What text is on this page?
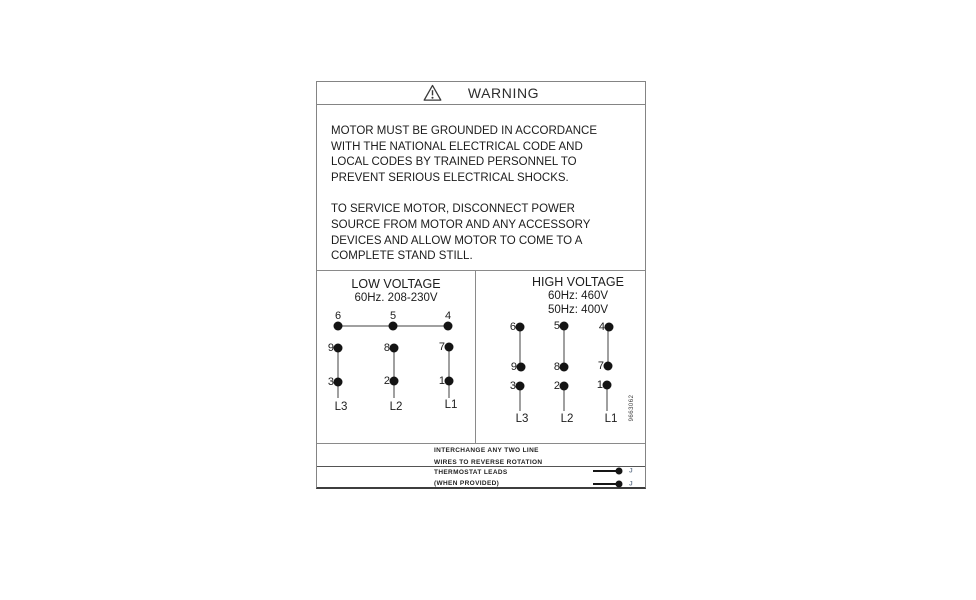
WARNING
MOTOR MUST BE GROUNDED IN ACCORDANCE
WITH THE NATIONAL ELECTRICAL CODE AND
LOCAL CODES BY TRAINED PERSONNEL TO
PREVENT SERIOUS ELECTRICAL SHOCKS.
TO SERVICE MOTOR, DISCONNECT POWER
SOURCE FROM MOTOR AND ANY ACCESSORY
DEVICES AND ALLOW MOTOR TO COME TO A
COMPLETE STAND STILL.
LOW VOLTAGE
60Hz. 208-230V
6	5	4
9	8	7
3	2	1
L3	L2	L1
HIGH VOLTAGE
60Hz: 460V
50Hz: 400V
6	5	4
9	8	7
3	2	1
L3	L2	L1 9663062
INTERCHANGE ANY TWO LINE
WIRES TO REVERSE ROTATION
THERMOSTAT LEADS
(WHEN PROVIDED)
J
J
